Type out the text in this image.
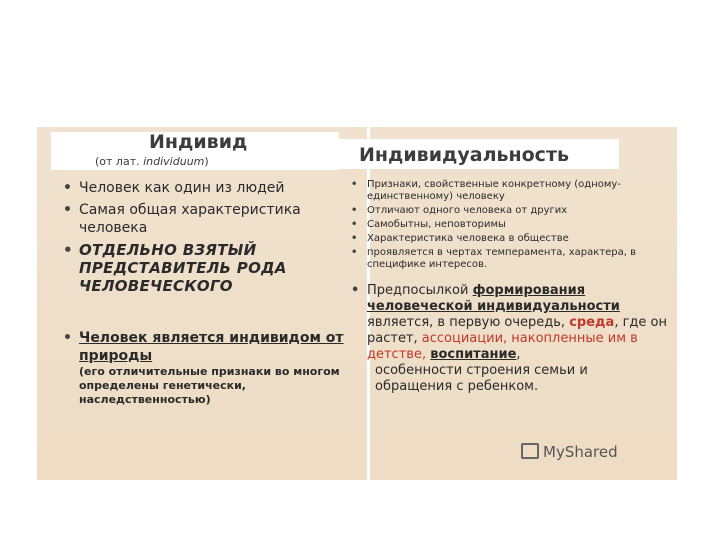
Индивид
(от лат. individuum)	Индивидуальность
• Человек как один из людей
• Самая общая характеристика человека
• ОТДЕЛЬНО ВЗЯТЫЙ ПРЕДСТАВИТЕЛЬ РОДА ЧЕЛОВЕЧЕСКОГО
• Человек является индивидом от природы
(его отличительные признаки во многом определены генетически, наследственностью)
• Признаки, свойственные конкретному (одному-единственному) человеку
• Отличают одного человека от других
• Самобытны, неповторимы
• Характеристика человека в обществе
• проявляется в чертах темперамента, характера, в специфике интересов.
• Предпосылкой формирования человеческой индивидуальности является, в первую очередь, среда, где он растет, ассоциации, накопленные им в детстве, воспитание,
особенности строения семьи и обращения с ребенком.
MyShared
